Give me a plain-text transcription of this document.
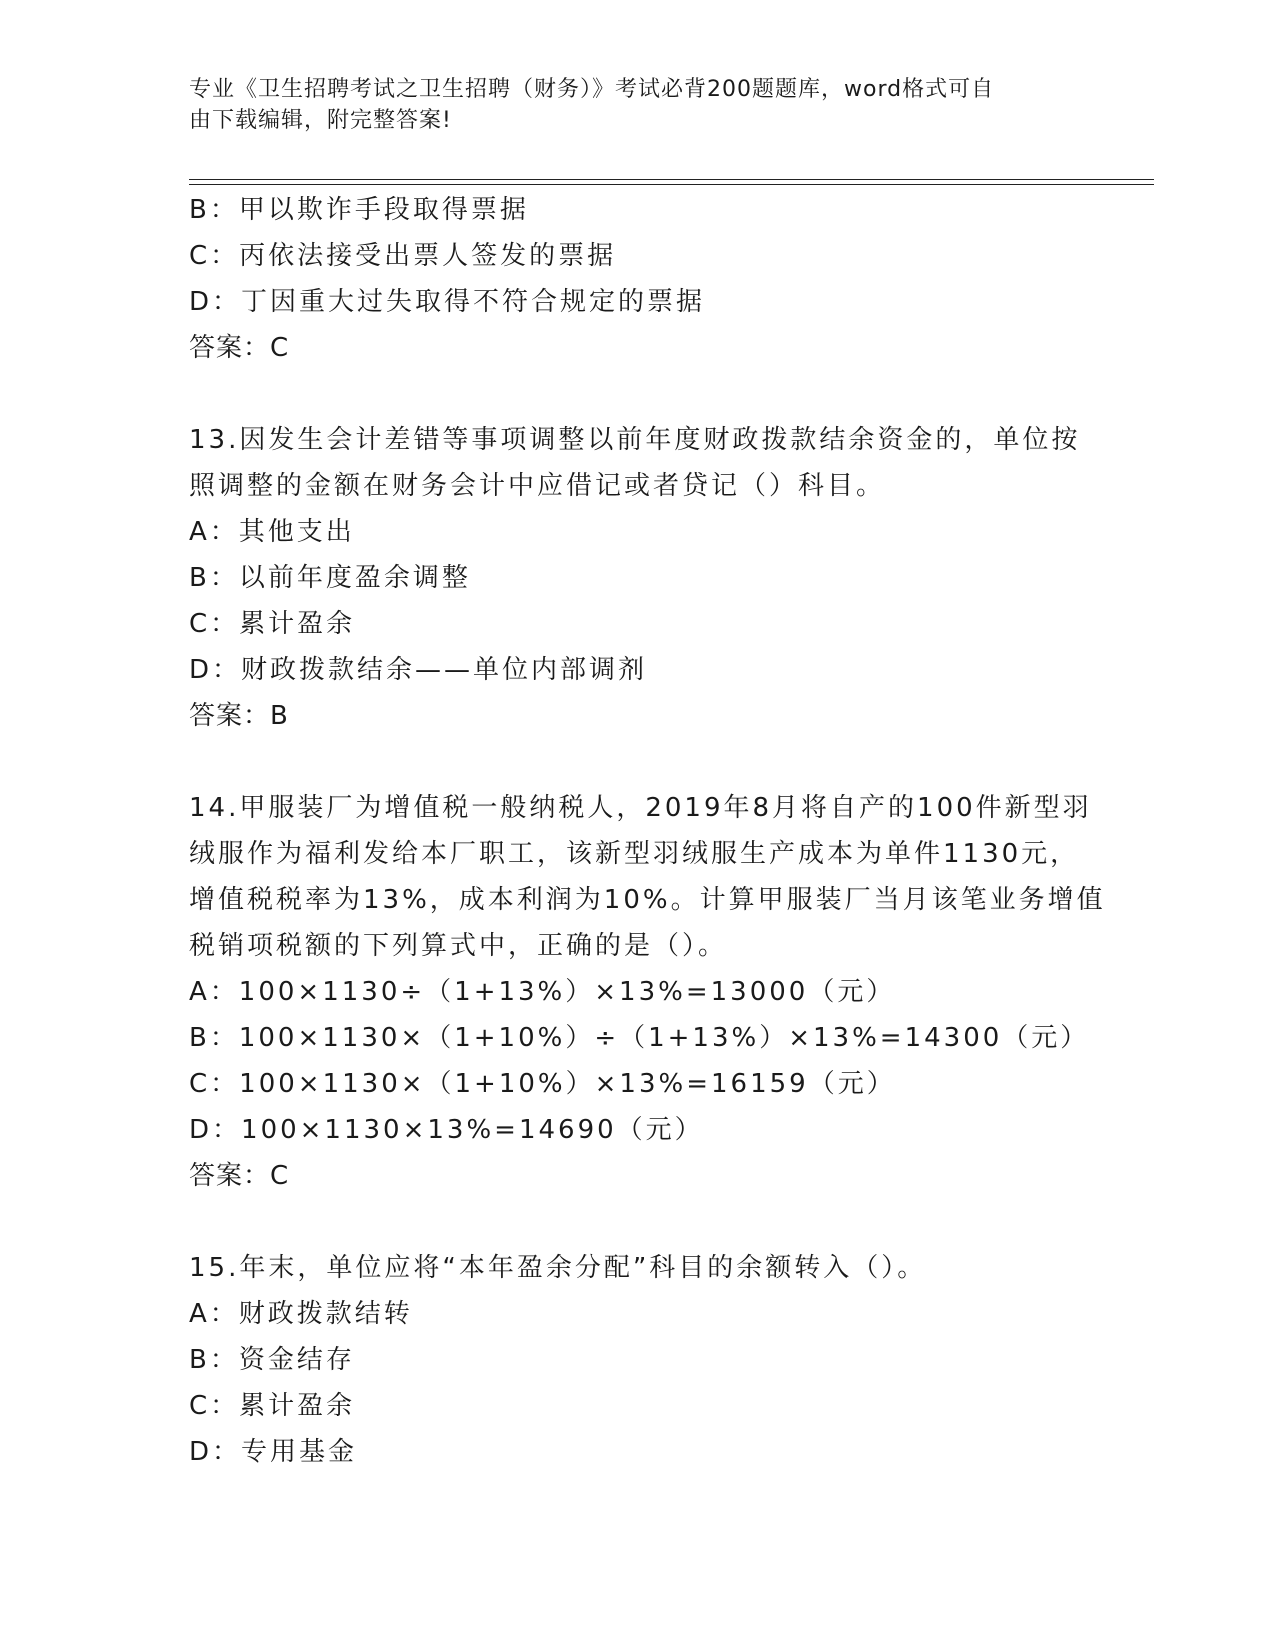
专业《卫生招聘考试之卫生招聘（财务）》考试必背200题题库，word格式可自
由下载编辑，附完整答案!
B：甲以欺诈手段取得票据
C：丙依法接受出票人签发的票据
D：丁因重大过失取得不符合规定的票据
答案：C
13.因发生会计差错等事项调整以前年度财政拨款结余资金的，单位按
照调整的金额在财务会计中应借记或者贷记（）科目。
A：其他支出
B：以前年度盈余调整
C：累计盈余
D：财政拨款结余——单位内部调剂
答案：B
14.甲服装厂为增值税一般纳税人，2019年8月将自产的100件新型羽
绒服作为福利发给本厂职工，该新型羽绒服生产成本为单件1130元，
增值税税率为13%，成本利润为10%。计算甲服装厂当月该笔业务增值
税销项税额的下列算式中，正确的是（）。
A：100×1130÷（1+13%）×13%=13000（元）
B：100×1130×（1+10%）÷（1+13%）×13%=14300（元）
C：100×1130×（1+10%）×13%=16159（元）
D：100×1130×13%=14690（元）
答案：C
15.年末，单位应将“本年盈余分配”科目的余额转入（）。
A：财政拨款结转
B：资金结存
C：累计盈余
D：专用基金
